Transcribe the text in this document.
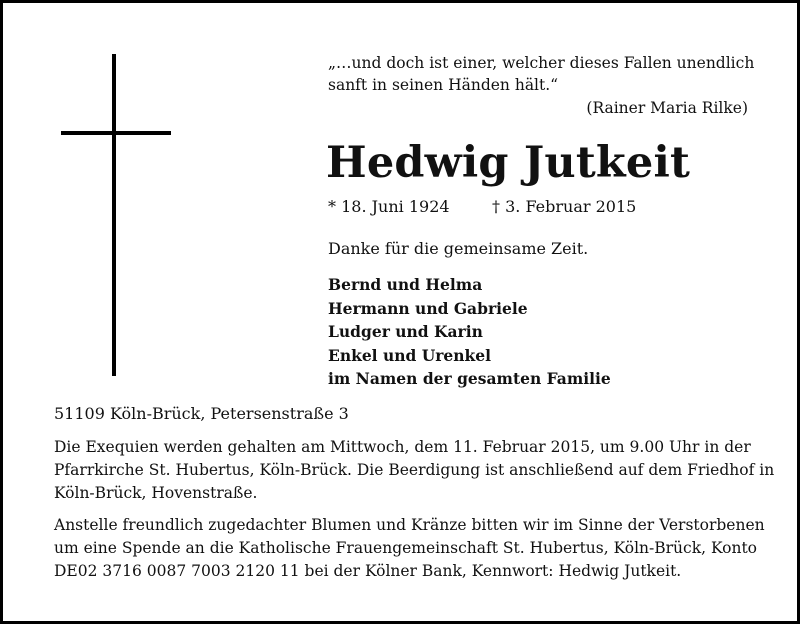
„…und doch ist einer, welcher dieses Fallen unendlich
sanft in seinen Händen hält.“
(Rainer Maria Rilke)
Hedwig Jutkeit
* 18. Juni 1924	† 3. Februar 2015
Danke für die gemeinsame Zeit.
Bernd und Helma
Hermann und Gabriele
Ludger und Karin
Enkel und Urenkel
im Namen der gesamten Familie
51109 Köln-Brück, Petersenstraße 3
Die Exequien werden gehalten am Mittwoch, dem 11. Februar 2015, um 9.00 Uhr in der
Pfarrkirche St. Hubertus, Köln-Brück. Die Beerdigung ist anschließend auf dem Friedhof in
Köln-Brück, Hovenstraße.
Anstelle freundlich zugedachter Blumen und Kränze bitten wir im Sinne der Verstorbenen
um eine Spende an die Katholische Frauengemeinschaft St. Hubertus, Köln-Brück, Konto
DE02 3716 0087 7003 2120 11 bei der Kölner Bank, Kennwort: Hedwig Jutkeit.
